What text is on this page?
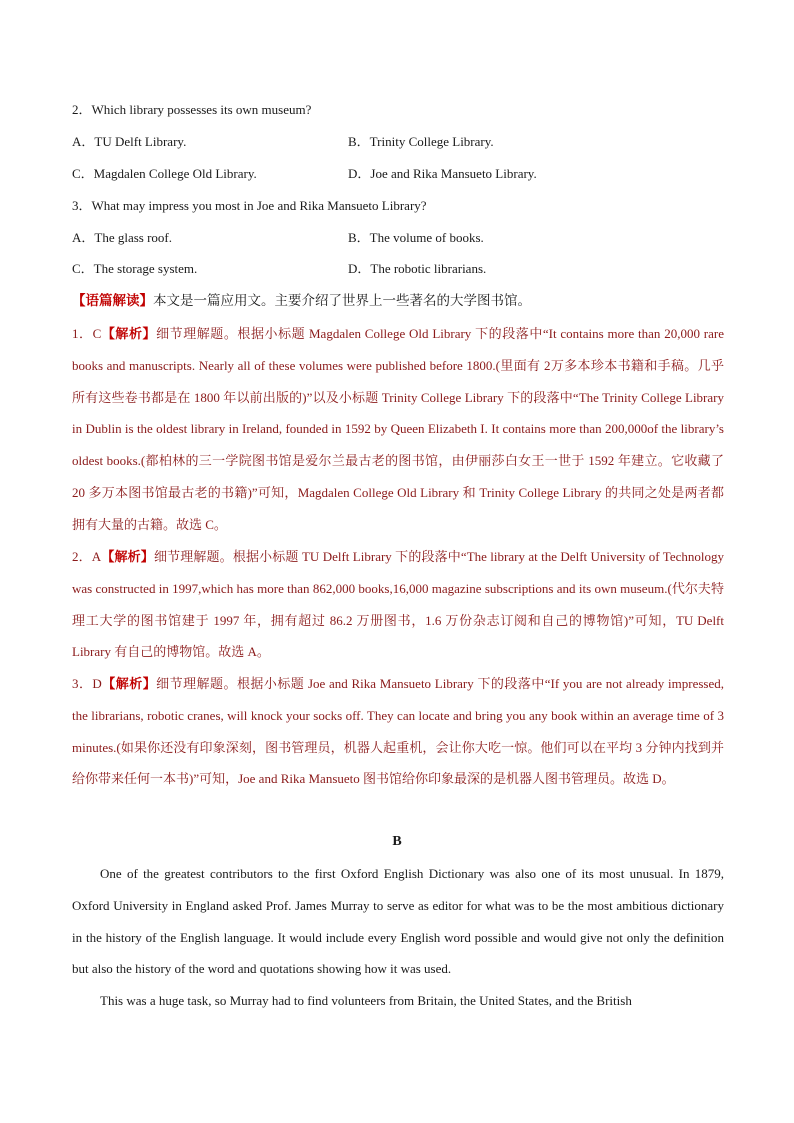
2．Which library possesses its own museum?
A．TU Delft Library.	B．Trinity College Library.
C．Magdalen College Old Library.	D．Joe and Rika Mansueto Library.
3．What may impress you most in Joe and Rika Mansueto Library?
A．The glass roof.	B．The volume of books.
C．The storage system.	D．The robotic librarians.
【语篇解读】本文是一篇应用文。主要介绍了世界上一些著名的大学图书馆。
1．C【解析】细节理解题。根据小标题 Magdalen College Old Library 下的段落中“It contains more than 20,000 rare books and manuscripts. Nearly all of these volumes were published before 1800.(里面有 2万多本珍本书籍和手稿。几乎所有这些卷书都是在 1800 年以前出版的)”以及小标题 Trinity College Library 下的段落中“The Trinity College Library in Dublin is the oldest library in Ireland, founded in 1592 by Queen Elizabeth I. It contains more than 200,000of the library’s oldest books.(都柏林的三一学院图书馆是爱尔兰最古老的图书馆，由伊丽莎白女王一世于 1592 年建立。它收藏了 20 多万本图书馆最古老的书籍)”可知，Magdalen College Old Library 和 Trinity College Library 的共同之处是两者都拥有大量的古籍。故选 C。
2．A【解析】细节理解题。根据小标题 TU Delft Library 下的段落中“The library at the Delft University of Technology was constructed in 1997,which has more than 862,000 books,16,000 magazine subscriptions and its own museum.(代尔夫特理工大学的图书馆建于 1997 年，拥有超过 86.2 万册图书，1.6 万份杂志订阅和自己的博物馆)”可知，TU Delft Library 有自己的博物馆。故选 A。
3．D【解析】细节理解题。根据小标题 Joe and Rika Mansueto Library 下的段落中“If you are not already impressed, the librarians, robotic cranes, will knock your socks off. They can locate and bring you any book within an average time of 3 minutes.(如果你还没有印象深刻，图书管理员，机器人起重机，会让你大吃一惊。他们可以在平均 3 分钟内找到并给你带来任何一本书)”可知，Joe and Rika Mansueto 图书馆给你印象最深的是机器人图书管理员。故选 D。
B
One of the greatest contributors to the first Oxford English Dictionary was also one of its most unusual. In 1879, Oxford University in England asked Prof. James Murray to serve as editor for what was to be the most ambitious dictionary in the history of the English language. It would include every English word possible and would give not only the definition but also the history of the word and quotations showing how it was used.
This was a huge task, so Murray had to find volunteers from Britain, the United States, and the British
